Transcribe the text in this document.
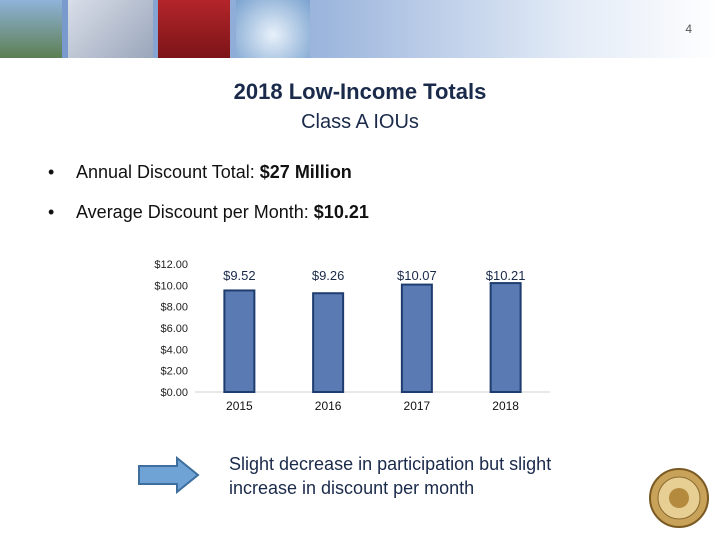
4
2018 Low-Income Totals
Class A IOUs
• Annual Discount Total: $27 Million
• Average Discount per Month: $10.21
$0.00
$2.00
$4.00
$6.00
$8.00
$10.00
$12.00
$9.52
2015
$9.26
2016
$10.07
2017
$10.21
2018
Slight decrease in participation but slight increase in discount per month
